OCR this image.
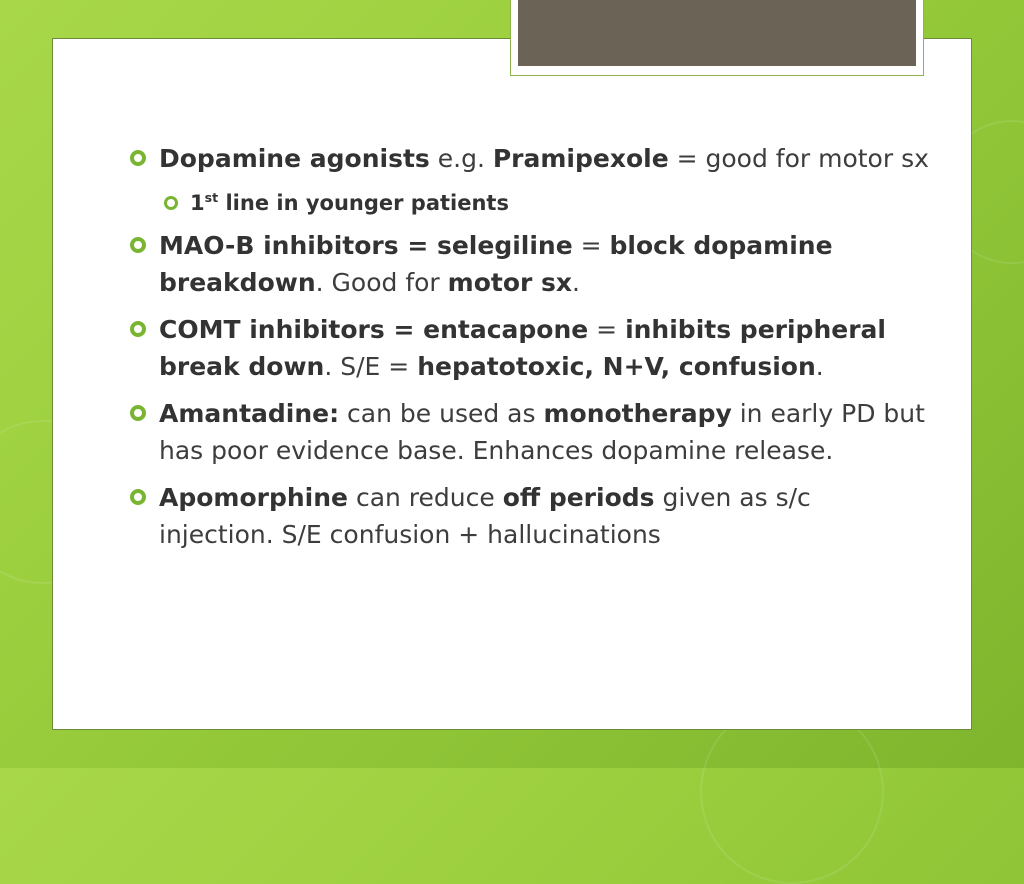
Dopamine agonists e.g. Pramipexole = good for motor sx
1st line in younger patients
MAO-B inhibitors = selegiline = block dopamine breakdown. Good for motor sx.
COMT inhibitors = entacapone = inhibits peripheral break down. S/E = hepatotoxic, N+V, confusion.
Amantadine: can be used as monotherapy in early PD but has poor evidence base. Enhances dopamine release.
Apomorphine can reduce off periods given as s/c injection. S/E confusion + hallucinations
